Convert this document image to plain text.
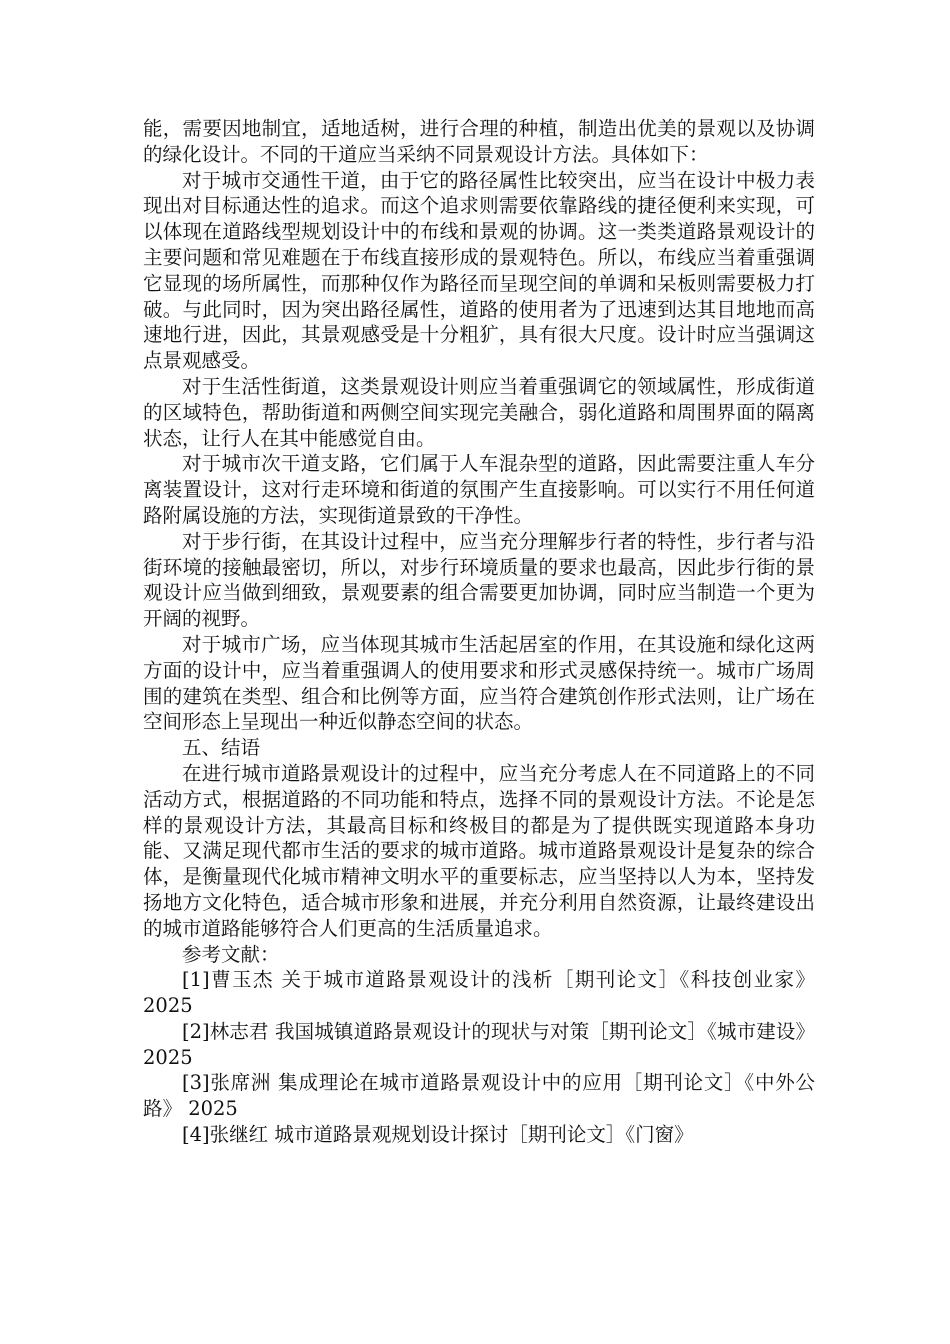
能，需要因地制宜，适地适树，进行合理的种植，制造出优美的景观以及协调的绿化设计。不同的干道应当采纳不同景观设计方法。具体如下：

对于城市交通性干道，由于它的路径属性比较突出，应当在设计中极力表现出对目标通达性的追求。而这个追求则需要依靠路线的捷径便利来实现，可以体现在道路线型规划设计中的布线和景观的协调。这一类类道路景观设计的主要问题和常见难题在于布线直接形成的景观特色。所以，布线应当着重强调它显现的场所属性，而那种仅作为路径而呈现空间的单调和呆板则需要极力打破。与此同时，因为突出路径属性，道路的使用者为了迅速到达其目地地而高速地行进，因此，其景观感受是十分粗犷，具有很大尺度。设计时应当强调这点景观感受。

对于生活性街道，这类景观设计则应当着重强调它的领域属性，形成街道的区域特色，帮助街道和两侧空间实现完美融合，弱化道路和周围界面的隔离状态，让行人在其中能感觉自由。

对于城市次干道支路，它们属于人车混杂型的道路，因此需要注重人车分离装置设计，这对行走环境和街道的氛围产生直接影响。可以实行不用任何道路附属设施的方法，实现街道景致的干净性。

对于步行街，在其设计过程中，应当充分理解步行者的特性，步行者与沿街环境的接触最密切，所以，对步行环境质量的要求也最高，因此步行街的景观设计应当做到细致，景观要素的组合需要更加协调，同时应当制造一个更为开阔的视野。

对于城市广场，应当体现其城市生活起居室的作用，在其设施和绿化这两方面的设计中，应当着重强调人的使用要求和形式灵感保持统一。城市广场周围的建筑在类型、组合和比例等方面，应当符合建筑创作形式法则，让广场在空间形态上呈现出一种近似静态空间的状态。

五、结语

在进行城市道路景观设计的过程中，应当充分考虑人在不同道路上的不同活动方式，根据道路的不同功能和特点，选择不同的景观设计方法。不论是怎样的景观设计方法，其最高目标和终极目的都是为了提供既实现道路本身功能、又满足现代都市生活的要求的城市道路。城市道路景观设计是复杂的综合体，是衡量现代化城市精神文明水平的重要标志，应当坚持以人为本，坚持发扬地方文化特色，适合城市形象和进展，并充分利用自然资源，让最终建设出的城市道路能够符合人们更高的生活质量追求。

参考文献：

[1]曹玉杰 关于城市道路景观设计的浅析［期刊论文］《科技创业家》 2025

[2]林志君 我国城镇道路景观设计的现状与对策［期刊论文］《城市建设》 2025

[3]张席洲 集成理论在城市道路景观设计中的应用［期刊论文］《中外公路》 2025

[4]张继红 城市道路景观规划设计探讨［期刊论文］《门窗》
